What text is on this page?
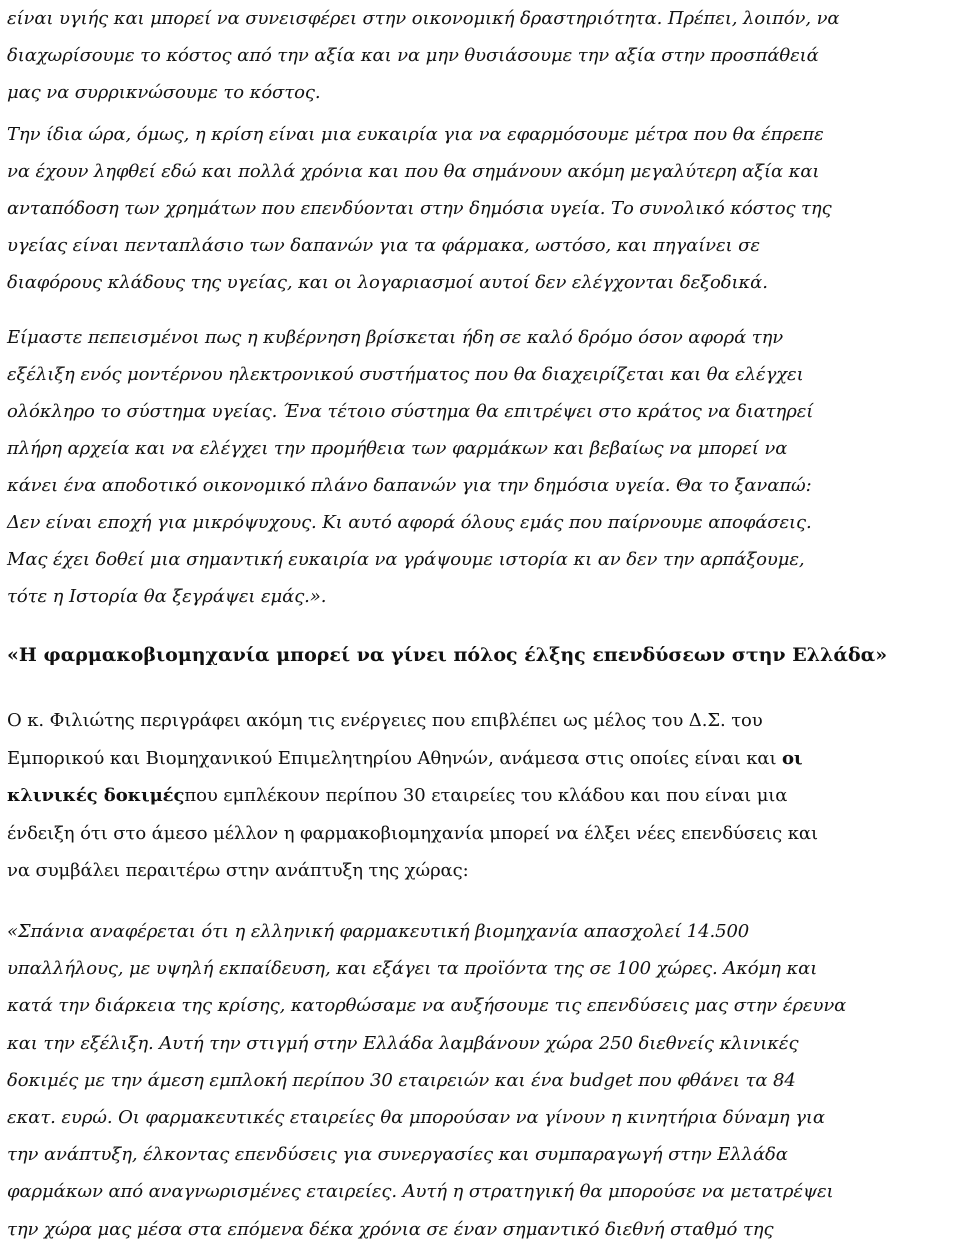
είναι υγιής και μπορεί να συνεισφέρει στην οικονομική δραστηριότητα. Πρέπει, λοιπόν, να
διαχωρίσουμε το κόστος από την αξία και να μην θυσιάσουμε την αξία στην προσπάθειά
μας να συρρικνώσουμε το κόστος.

Την ίδια ώρα, όμως, η κρίση είναι μια ευκαιρία για να εφαρμόσουμε μέτρα που θα έπρεπε
να έχουν ληφθεί εδώ και πολλά χρόνια και που θα σημάνουν ακόμη μεγαλύτερη αξία και
ανταπόδοση των χρημάτων που επενδύονται στην δημόσια υγεία. Το συνολικό κόστος της
υγείας είναι πενταπλάσιο των δαπανών για τα φάρμακα, ωστόσο, και πηγαίνει σε
διαφόρους κλάδους της υγείας, και οι λογαριασμοί αυτοί δεν ελέγχονται δεξοδικά.

Είμαστε πεπεισμένοι πως η κυβέρνηση βρίσκεται ήδη σε καλό δρόμο όσον αφορά την
εξέλιξη ενός μοντέρνου ηλεκτρονικού συστήματος που θα διαχειρίζεται και θα ελέγχει
ολόκληρο το σύστημα υγείας. Ένα τέτοιο σύστημα θα επιτρέψει στο κράτος να διατηρεί
πλήρη αρχεία και να ελέγχει την προμήθεια των φαρμάκων και βεβαίως να μπορεί να
κάνει ένα αποδοτικό οικονομικό πλάνο δαπανών για την δημόσια υγεία. Θα το ξαναπώ:
Δεν είναι εποχή για μικρόψυχους. Κι αυτό αφορά όλους εμάς που παίρνουμε αποφάσεις.
Μας έχει δοθεί μια σημαντική ευκαιρία να γράψουμε ιστορία κι αν δεν την αρπάξουμε,
τότε η Ιστορία θα ξεγράψει εμάς.».

«Η φαρμακοβιομηχανία μπορεί να γίνει πόλος έλξης επενδύσεων στην Ελλάδα»

Ο κ. Φιλιώτης περιγράφει ακόμη τις ενέργειες που επιβλέπει ως μέλος του Δ.Σ. του
Εμπορικού και Βιομηχανικού Επιμελητηρίου Αθηνών, ανάμεσα στις οποίες είναι και οι
κλινικές δοκιμέςπου εμπλέκουν περίπου 30 εταιρείες του κλάδου και που είναι μια
ένδειξη ότι στο άμεσο μέλλον η φαρμακοβιομηχανία μπορεί να έλξει νέες επενδύσεις και
να συμβάλει περαιτέρω στην ανάπτυξη της χώρας:

«Σπάνια αναφέρεται ότι η ελληνική φαρμακευτική βιομηχανία απασχολεί 14.500
υπαλλήλους, με υψηλή εκπαίδευση, και εξάγει τα προϊόντα της σε 100 χώρες. Ακόμη και
κατά την διάρκεια της κρίσης, κατορθώσαμε να αυξήσουμε τις επενδύσεις μας στην έρευνα
και την εξέλιξη. Αυτή την στιγμή στην Ελλάδα λαμβάνουν χώρα 250 διεθνείς κλινικές
δοκιμές με την άμεση εμπλοκή περίπου 30 εταιρειών και ένα budget που φθάνει τα 84
εκατ. ευρώ. Οι φαρμακευτικές εταιρείες θα μπορούσαν να γίνουν η κινητήρια δύναμη για
την ανάπτυξη, έλκοντας επενδύσεις για συνεργασίες και συμπαραγωγή στην Ελλάδα
φαρμάκων από αναγνωρισμένες εταιρείες. Αυτή η στρατηγική θα μπορούσε να μετατρέψει
την χώρα μας μέσα στα επόμενα δέκα χρόνια σε έναν σημαντικό διεθνή σταθμό της
